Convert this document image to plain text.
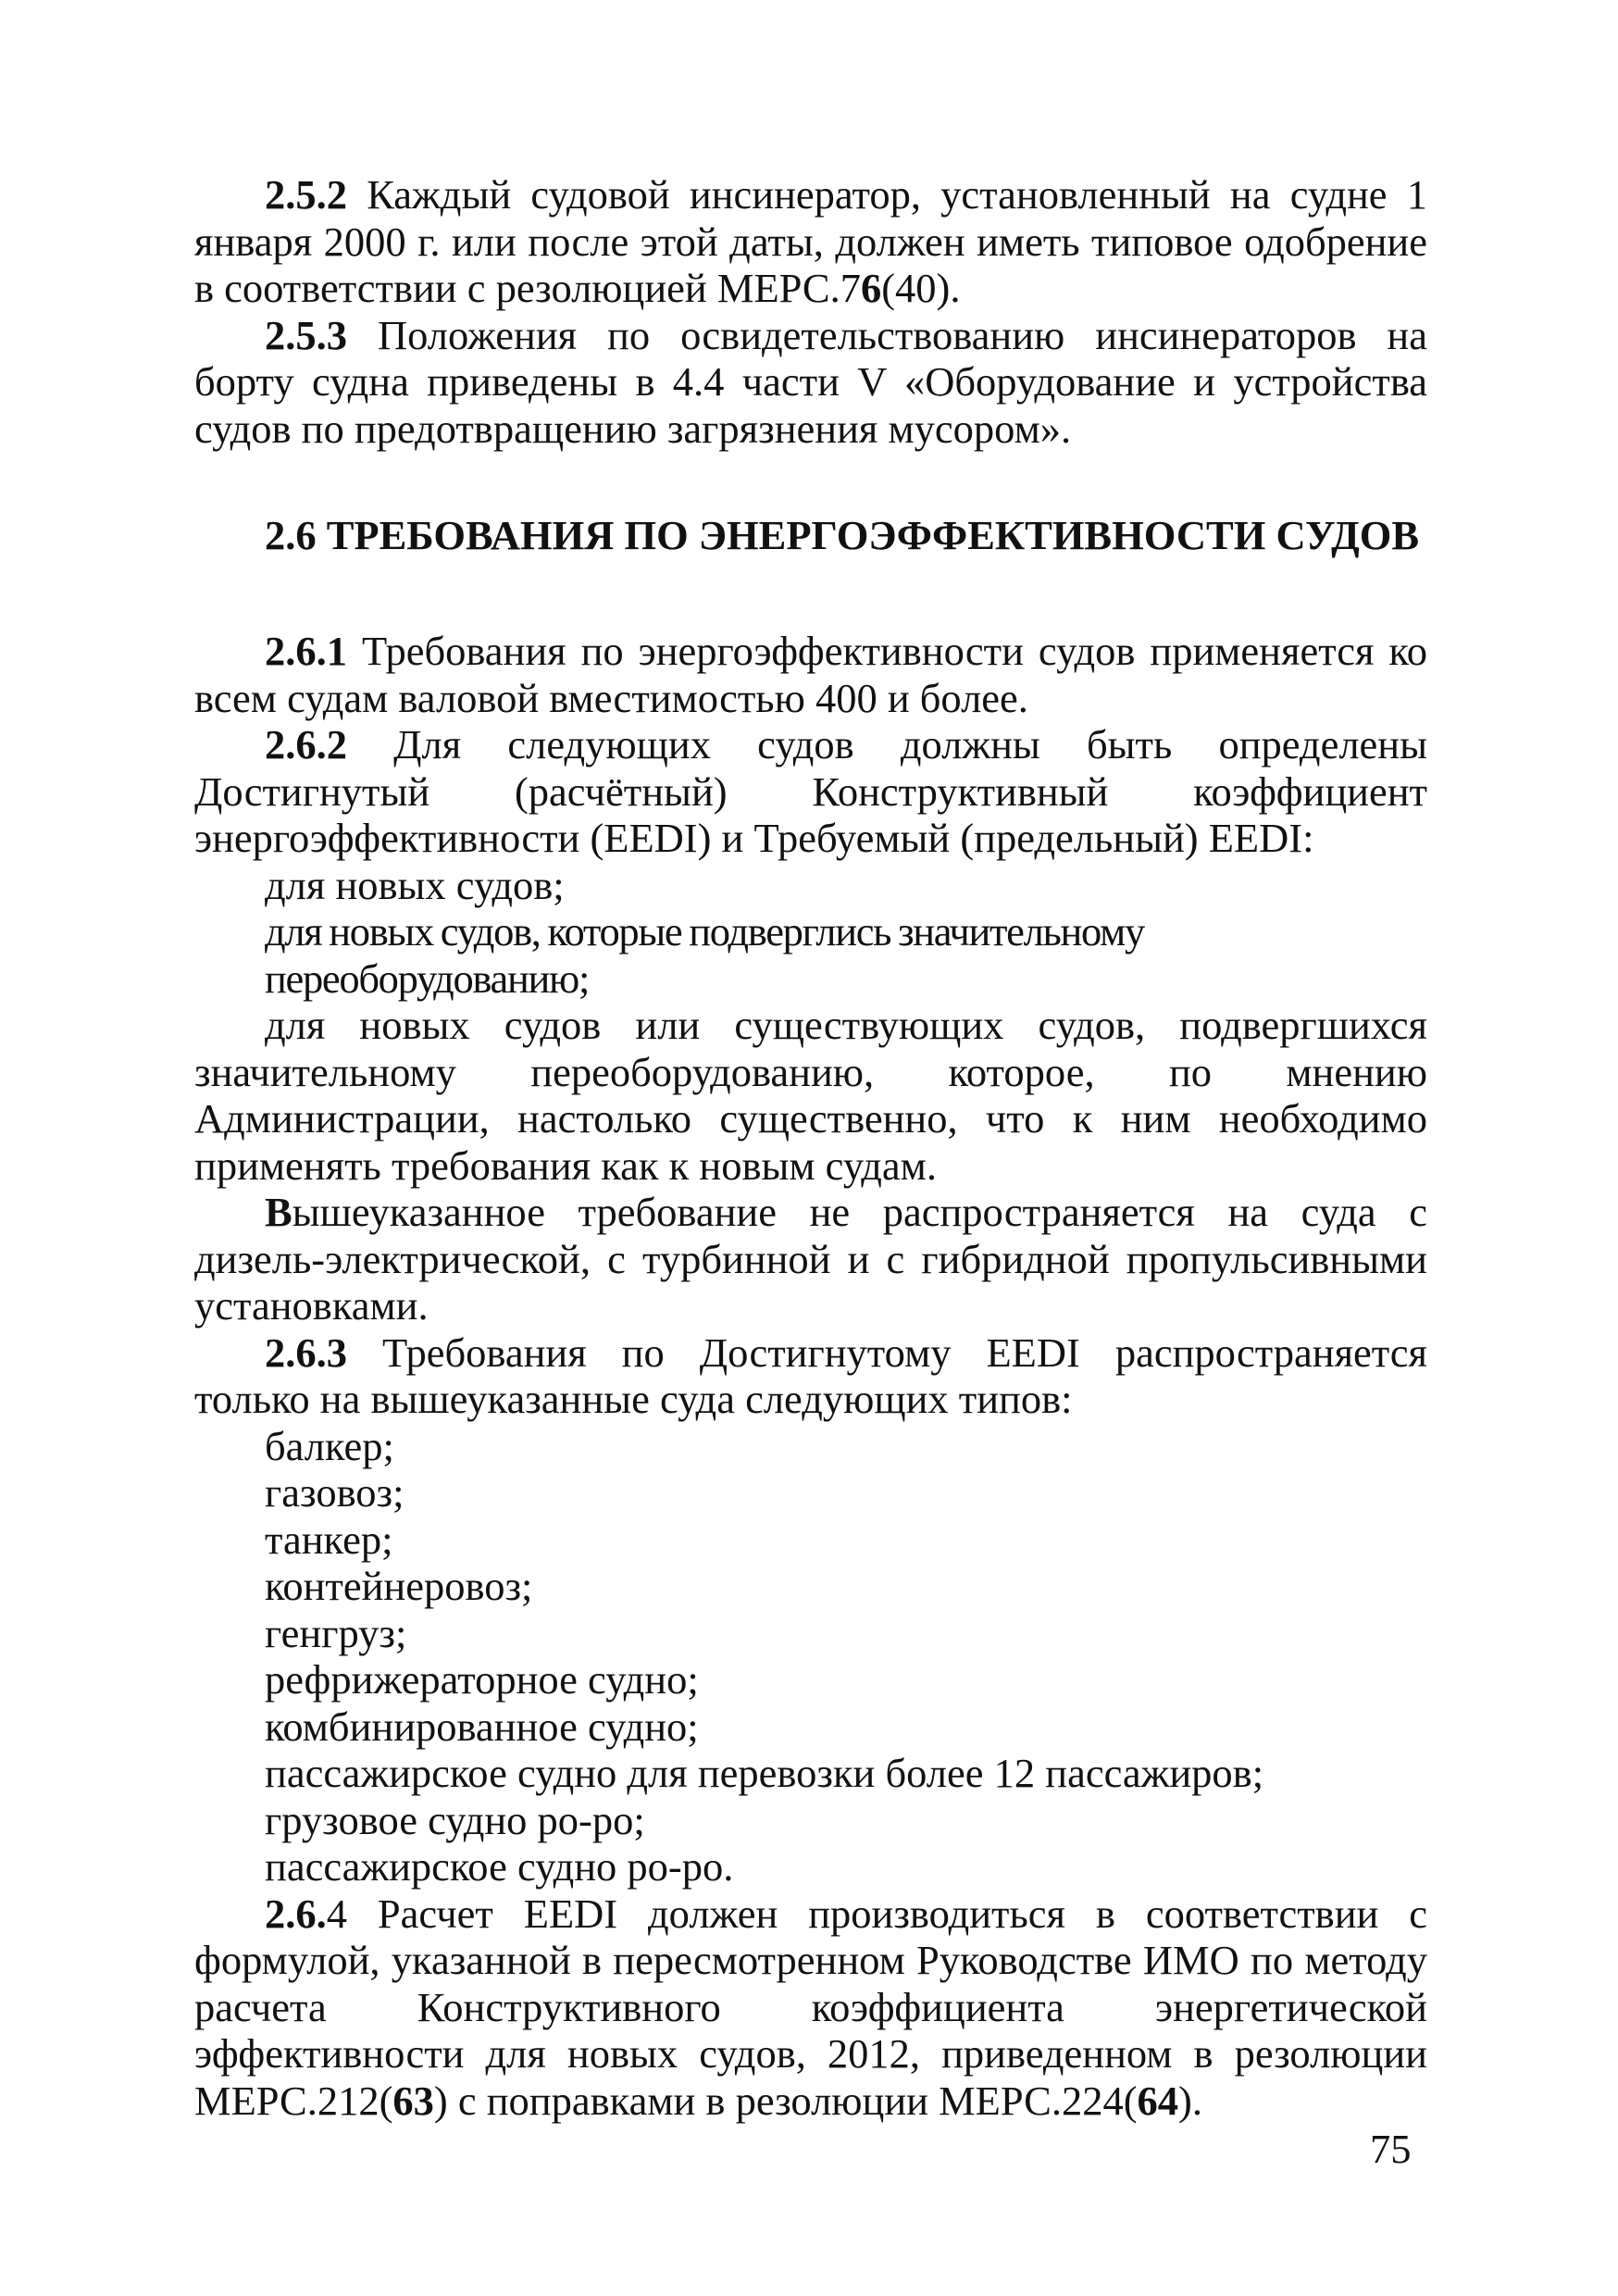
2.5.2 Каждый судовой инсинератор, установленный на судне 1 января 2000 г. или после этой даты, должен иметь типовое одобрение в соответствии с резолюцией МЕРС.76(40).

2.5.3 Положения по освидетельствованию инсинераторов на борту судна приведены в 4.4 части V «Оборудование и устройства судов по предотвращению загрязнения мусором».

2.6 ТРЕБОВАНИЯ ПО ЭНЕРГОЭФФЕКТИВНОСТИ СУДОВ

2.6.1 Требования по энергоэффективности судов применяется ко всем судам валовой вместимостью 400 и более.

2.6.2 Для следующих судов должны быть определены Достигнутый (расчётный) Конструктивный коэффициент энергоэффективности (EEDI) и Требуемый (предельный) EEDI:

для новых судов;

для новых судов, которые подверглись значительному переоборудованию;

для новых судов или существующих судов, подвергшихся значительному переоборудованию, которое, по мнению Администрации, настолько существенно, что к ним необходимо применять требования как к новым судам.

Вышеуказанное требование не распространяется на суда с дизель-электрической, с турбинной и с гибридной пропульсивными установками.

2.6.3 Требования по Достигнутому EEDI распространяется только на вышеуказанные суда следующих типов:

балкер;

газовоз;

танкер;

контейнеровоз;

генгруз;

рефрижераторное судно;

комбинированное судно;

пассажирское судно для перевозки более 12 пассажиров;

грузовое судно ро-ро;

пассажирское судно ро-ро.

2.6.4 Расчет EEDI должен производиться в соответствии с формулой, указанной в пересмотренном Руководстве ИМО по методу расчета Конструктивного коэффициента энергетической эффективности для новых судов, 2012, приведенном в резолюции МЕРС.212(63) с поправками в резолюции МЕРС.224(64).

75
